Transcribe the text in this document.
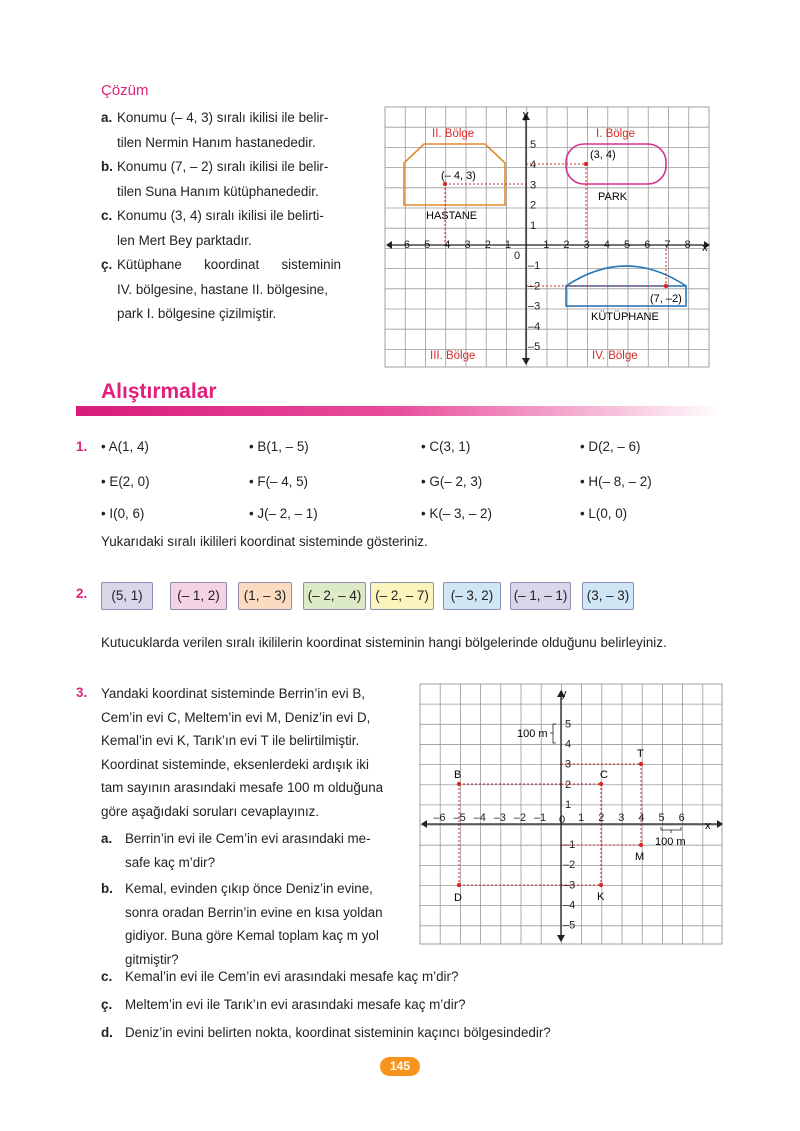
Çözüm
a. Konumu (– 4, 3) sıralı ikilisi ile belir-
tilen Nermin Hanım hastanededir.
b. Konumu (7, – 2) sıralı ikilisi ile belir-
tilen Suna Hanım kütüphanededir.
c. Konumu (3, 4) sıralı ikilisi ile belirti-
len Mert Bey parktadır.
ç. Kütüphane koordinat sisteminin
IV. bölgesine, hastane II. bölgesine,
park I. bölgesine çizilmiştir.
–6 –5 –4 –3 –2 –1
0
1 2 3 4 5 6 7 8
1
2
3
4
5
–1
–2
–3
–4
–5
y
x
II. Bölge	I. Bölge
III. Bölge	IV. Bölge
(– 4, 3)
HASTANE
(3, 4)
PARK
(7, –2)
KÜTÜPHANE
Alıştırmalar
1. • A(1, 4)	• B(1, – 5)	• C(3, 1)	• D(2, – 6)
• E(2, 0)	• F(– 4, 5)	• G(– 2, 3)	• H(– 8, – 2)
• I(0, 6)	• J(– 2, – 1)	• K(– 3, – 2)	• L(0, 0)
Yukarıdaki sıralı ikilileri koordinat sisteminde gösteriniz.
2.	(5, 1)	(– 1, 2)	(1, – 3)	(– 2, – 4)	(– 2, – 7)	(– 3, 2)	(– 1, – 1)	(3, – 3)
Kutucuklarda verilen sıralı ikililerin koordinat sisteminin hangi bölgelerinde olduğunu belirleyiniz.
3. Yandaki koordinat sisteminde Berrin’in evi B,
Cem’in evi C, Meltem’in evi M, Deniz’in evi D,
Kemal’in evi K, Tarık’ın evi T ile belirtilmiştir.
Koordinat sisteminde, eksenlerdeki ardışık iki
tam sayının arasındaki mesafe 100 m olduğuna
göre aşağıdaki soruları cevaplayınız.
a. Berrin’in evi ile Cem’in evi arasındaki me-
safe kaç m’dir?
b. Kemal, evinden çıkıp önce Deniz’in evine,
sonra oradan Berrin’in evine en kısa yoldan
gidiyor. Buna göre Kemal toplam kaç m yol
gitmiştir?
c. Kemal’in evi ile Cem’in evi arasındaki mesafe kaç m’dir?
ç. Meltem’in evi ile Tarık’ın evi arasındaki mesafe kaç m’dir?
d. Deniz’in evini belirten nokta, koordinat sisteminin kaçıncı bölgesindedir?
–6 –5 –4 –3 –2 –1 0 1 2 3 4 5 6
1
2
3
4
5
–1
–2
–3
–4
–5
y
x
B	C
T
M
D	K
100 m
100 m
145
